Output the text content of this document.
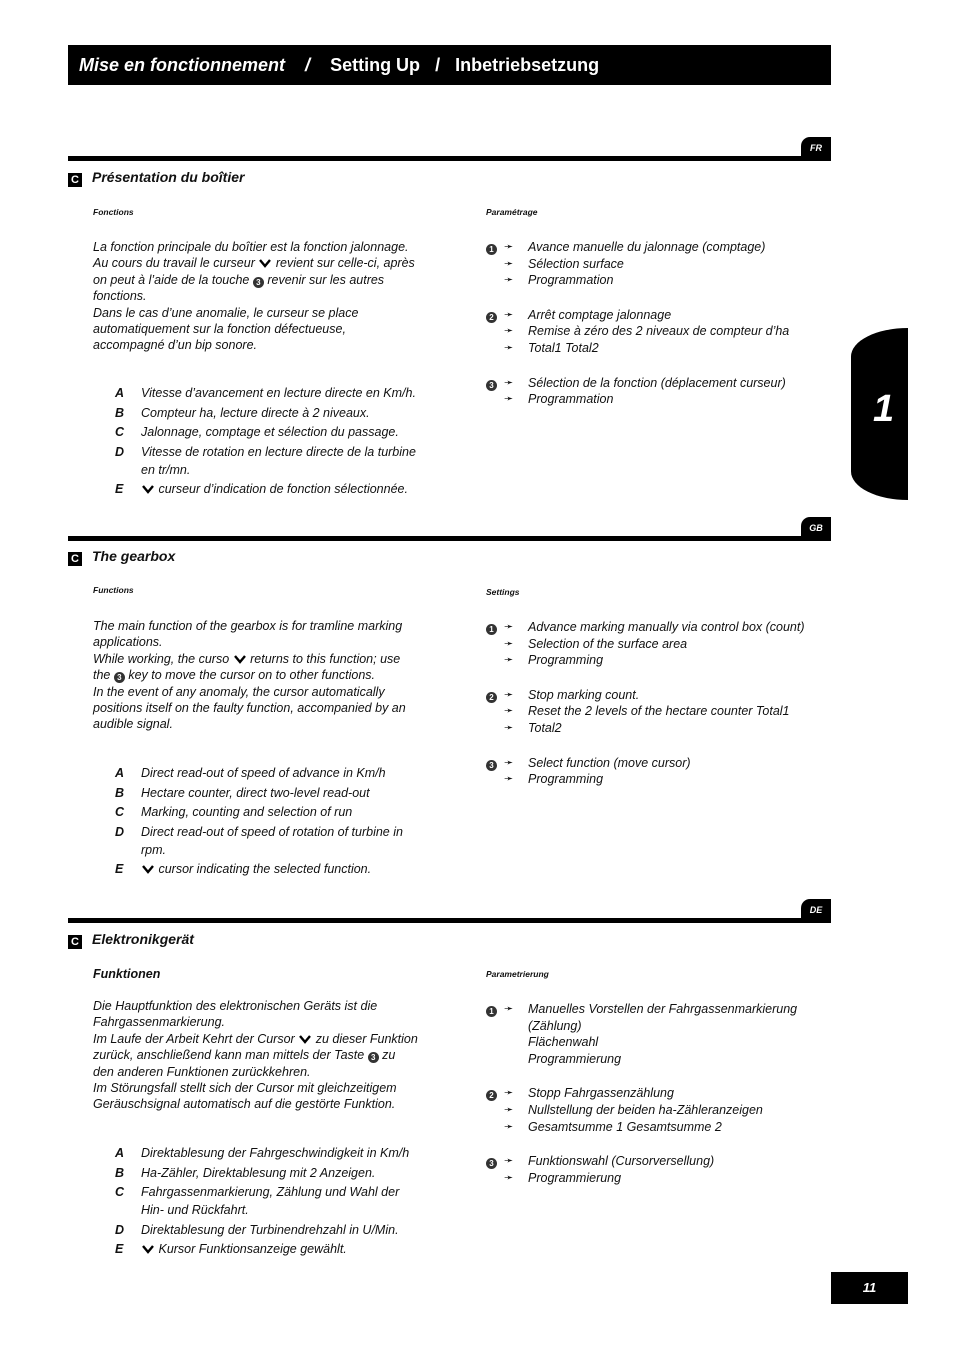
Mise en fonctionnement / Setting Up / Inbetriebsetzung
1
FR
C Présentation du boîtier
Fonctions
La fonction principale du boîtier est la fonction jalonnage.
Au cours du travail le curseur revient sur celle-ci, après on peut à l’aide de la touche 3 revenir sur les autres fonctions.
Dans le cas d’une anomalie, le curseur se place automatiquement sur la fonction défectueuse, accompagné d’un bip sonore.
A	Vitesse d’avancement en lecture directe en Km/h.
B	Compteur ha, lecture directe à 2 niveaux.
C	Jalonnage, comptage et sélection du passage.
D	Vitesse de rotation en lecture directe de la turbine en tr/mn.
E	curseur d’indication de fonction sélectionnée.
Paramétrage
1 ➛	Avance manuelle du jalonnage (comptage)
➛	Sélection surface
➛	Programmation
2 ➛	Arrêt comptage jalonnage
➛	Remise à zéro des 2 niveaux de compteur d’ha
➛	Total1 Total2
3 ➛	Sélection de la fonction (déplacement curseur)
➛	Programmation
GB
C The gearbox
Functions
The main function of the gearbox is for tramline marking applications.
While working, the curso returns to this function; use the 3 key to move the cursor on to other functions.
In the event of any anomaly, the cursor automatically positions itself on the faulty function, accompanied by an audible signal.
A	Direct read-out of speed of advance in Km/h
B	Hectare counter, direct two-level read-out
C	Marking, counting and selection of run
D	Direct read-out of speed of rotation of turbine in rpm.
E	cursor indicating the selected function.
Settings
1 ➛	Advance marking manually via control box (count)
➛	Selection of the surface area
➛	Programming
2 ➛	Stop marking count.
➛	Reset the 2 levels of the hectare counter Total1
➛	Total2
3 ➛	Select function (move cursor)
➛	Programming
DE
C Elektronikgerät
Funktionen
Die Hauptfunktion des elektronischen Geräts ist die Fahrgassenmarkierung.
Im Laufe der Arbeit Kehrt der Cursor zu dieser Funktion zurück, anschließend kann man mittels der Taste 3 zu den anderen Funktionen zurückkehren.
Im Störungsfall stellt sich der Cursor mit gleichzeitigem Geräuschsignal automatisch auf die gestörte Funktion.
A	Direktablesung der Fahrgeschwindigkeit in Km/h
B	Ha-Zähler, Direktablesung mit 2 Anzeigen.
C	Fahrgassenmarkierung, Zählung und Wahl der Hin- und Rückfahrt.
D	Direktablesung der Turbinendrehzahl in U/Min.
E	Kursor Funktionsanzeige gewählt.
Parametrierung
1 ➛	Manuelles Vorstellen der Fahrgassenmarkierung (Zählung)
Flächenwahl
Programmierung
2 ➛	Stopp Fahrgassenzählung
➛	Nullstellung der beiden ha-Zähleranzeigen
➛	Gesamtsumme 1 Gesamtsumme 2
3 ➛	Funktionswahl (Cursorversellung)
➛	Programmierung
11
